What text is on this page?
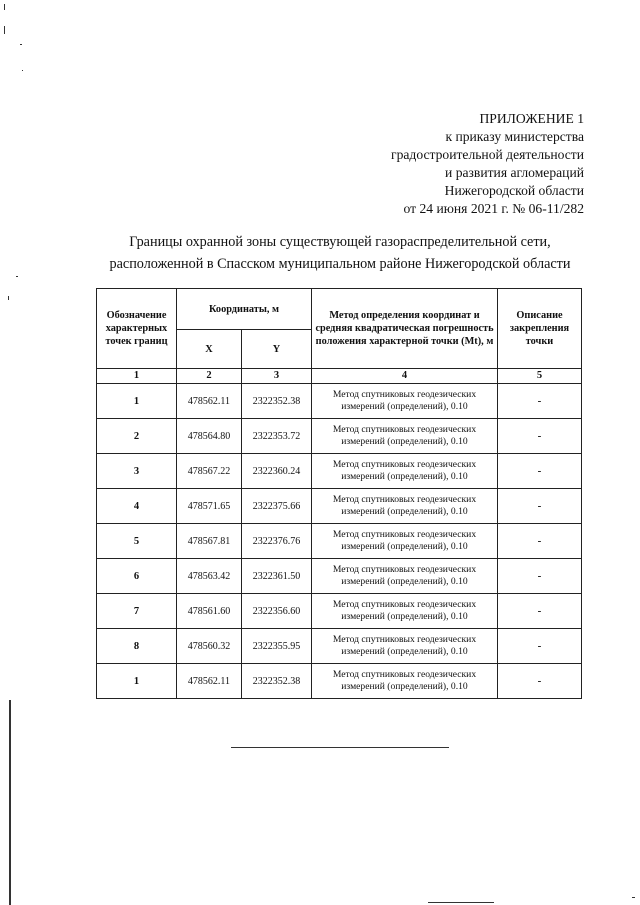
ПРИЛОЖЕНИЕ 1
к приказу министерства
градостроительной деятельности
и развития агломераций
Нижегородской области
от 24 июня 2021 г. № 06-11/282
Границы охранной зоны существующей газораспределительной сети,
расположенной в Спасском муниципальном районе Нижегородской области
Обозначение характерных точек границ	Координаты, м		Метод определения координат и средняя квадратическая погрешность положения характерной точки (Mt), м	Описание закрепления точки
	X	Y		
1	2	3	4	5
1	478562.11	2322352.38	Метод спутниковых геодезических измерений (определений), 0.10	-
2	478564.80	2322353.72	Метод спутниковых геодезических измерений (определений), 0.10	-
3	478567.22	2322360.24	Метод спутниковых геодезических измерений (определений), 0.10	-
4	478571.65	2322375.66	Метод спутниковых геодезических измерений (определений), 0.10	-
5	478567.81	2322376.76	Метод спутниковых геодезических измерений (определений), 0.10	-
6	478563.42	2322361.50	Метод спутниковых геодезических измерений (определений), 0.10	-
7	478561.60	2322356.60	Метод спутниковых геодезических измерений (определений), 0.10	-
8	478560.32	2322355.95	Метод спутниковых геодезических измерений (определений), 0.10	-
1	478562.11	2322352.38	Метод спутниковых геодезических измерений (определений), 0.10	-
